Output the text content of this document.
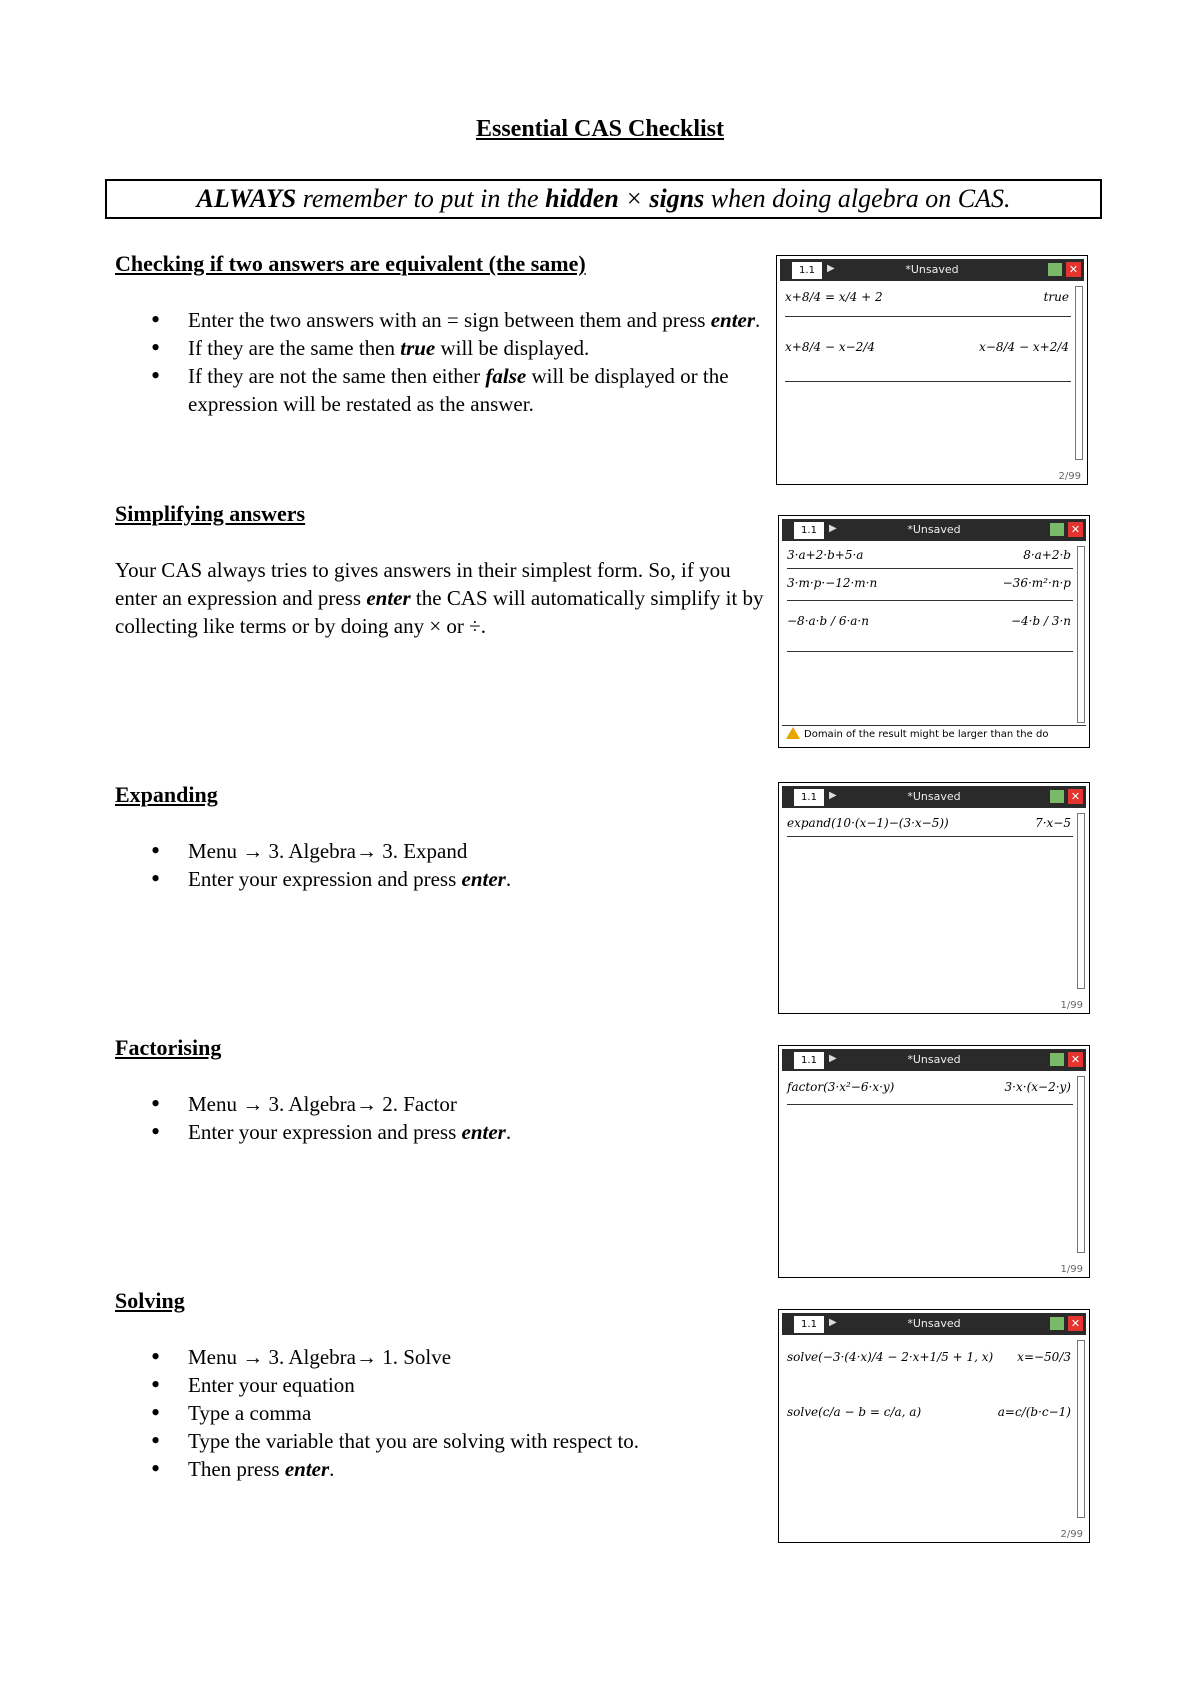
Essential CAS Checklist
ALWAYS remember to put in the hidden × signs when doing algebra on CAS.
Checking if two answers are equivalent (the same)
• Enter the two answers with an = sign between them and press enter.
• If they are the same then true will be displayed.
• If they are not the same then either false will be displayed or the expression will be restated as the answer.
Simplifying answers

Your CAS always tries to gives answers in their simplest form. So, if you enter an expression and press enter the CAS will automatically simplify it by collecting like terms or by doing any × or ÷.

Expanding
• Menu → 3. Algebra→ 3. Expand
• Enter your expression and press enter.
Factorising
• Menu → 3. Algebra→ 2. Factor
• Enter your expression and press enter.
Solving
• Menu → 3. Algebra→ 1. Solve
• Enter your equation
• Type a comma
• Type the variable that you are solving with respect to.
• Then press enter.
1.1	▶	*Unsaved	✕
x+8/4 = x/4 + 2	true
x+8/4 − x−2/4	x−8/4 − x+2/4
2/99
1.1	▶	*Unsaved	✕
3·a+2·b+5·a	8·a+2·b
3·m·p·−12·m·n	−36·m²·n·p
−8·a·b / 6·a·n	−4·b / 3·n
Domain of the result might be larger than the do
1.1	▶	*Unsaved	✕
expand(10·(x−1)−(3·x−5))	7·x−5
1/99
1.1	▶	*Unsaved	✕
factor(3·x²−6·x·y)	3·x·(x−2·y)
1/99
1.1	▶	*Unsaved	✕
solve(−3·(4·x)/4 − 2·x+1/5 + 1, x) x=−50/3
solve(c/a − b = c/a, a)	a=c/(b·c−1)
2/99
